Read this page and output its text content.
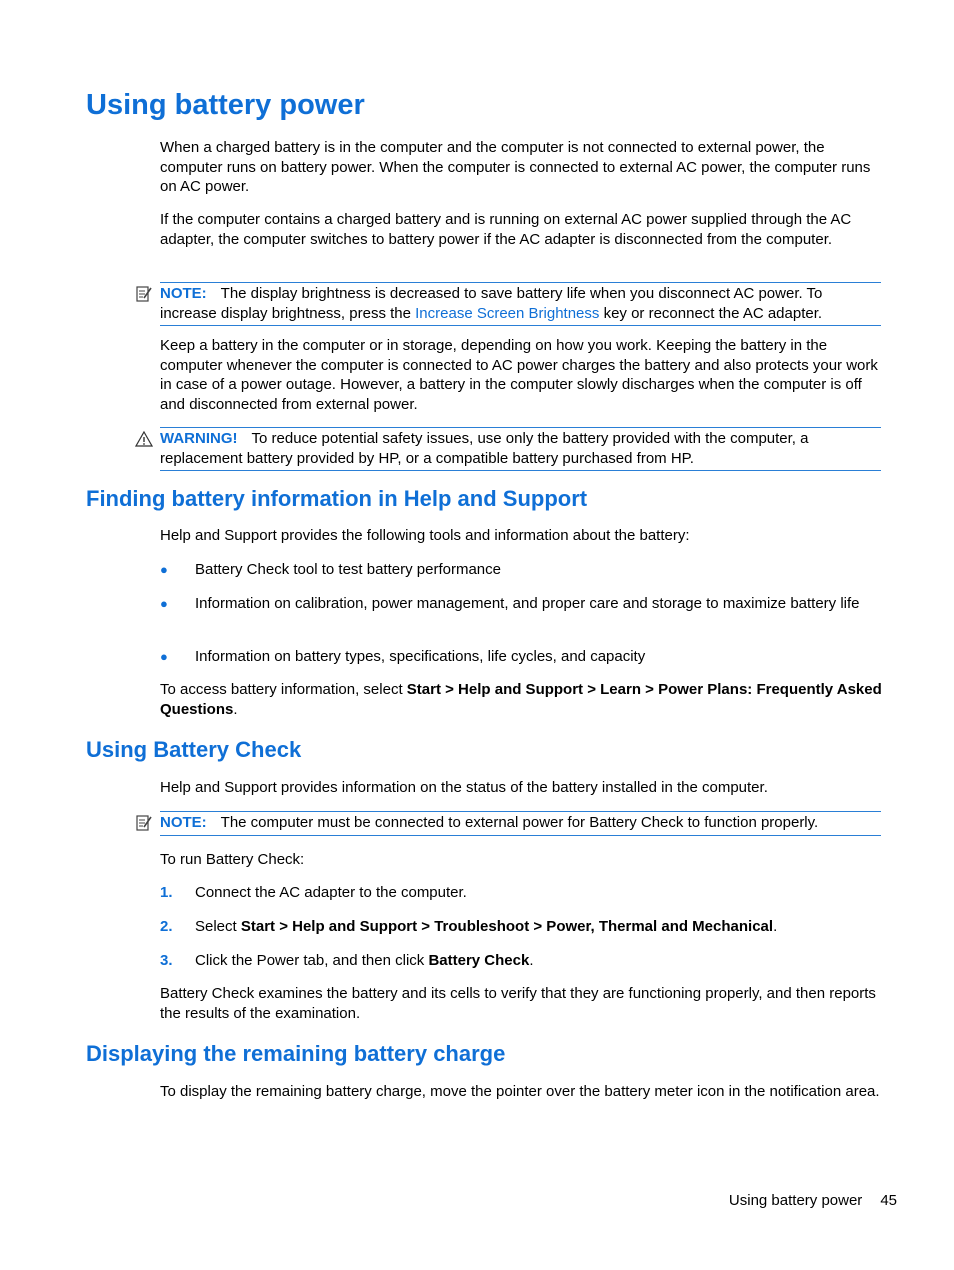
Using battery power

When a charged battery is in the computer and the computer is not connected to external power, the computer runs on battery power. When the computer is connected to external AC power, the computer runs on AC power.

If the computer contains a charged battery and is running on external AC power supplied through the AC adapter, the computer switches to battery power if the AC adapter is disconnected from the computer.

NOTE: The display brightness is decreased to save battery life when you disconnect AC power. To increase display brightness, press the Increase Screen Brightness key or reconnect the AC adapter.

Keep a battery in the computer or in storage, depending on how you work. Keeping the battery in the computer whenever the computer is connected to AC power charges the battery and also protects your work in case of a power outage. However, a battery in the computer slowly discharges when the computer is off and disconnected from external power.

WARNING! To reduce potential safety issues, use only the battery provided with the computer, a replacement battery provided by HP, or a compatible battery purchased from HP.
Finding battery information in Help and Support

Help and Support provides the following tools and information about the battery:

● Battery Check tool to test battery performance
● Information on calibration, power management, and proper care and storage to maximize battery life
● Information on battery types, specifications, life cycles, and capacity

To access battery information, select Start > Help and Support > Learn > Power Plans: Frequently Asked Questions.

Using Battery Check

Help and Support provides information on the status of the battery installed in the computer.

NOTE: The computer must be connected to external power for Battery Check to function properly.

To run Battery Check:

1. Connect the AC adapter to the computer.
2. Select Start > Help and Support > Troubleshoot > Power, Thermal and Mechanical.
3. Click the Power tab, and then click Battery Check.

Battery Check examines the battery and its cells to verify that they are functioning properly, and then reports the results of the examination.

Displaying the remaining battery charge

To display the remaining battery charge, move the pointer over the battery meter icon in the notification area.

Using battery power 45
